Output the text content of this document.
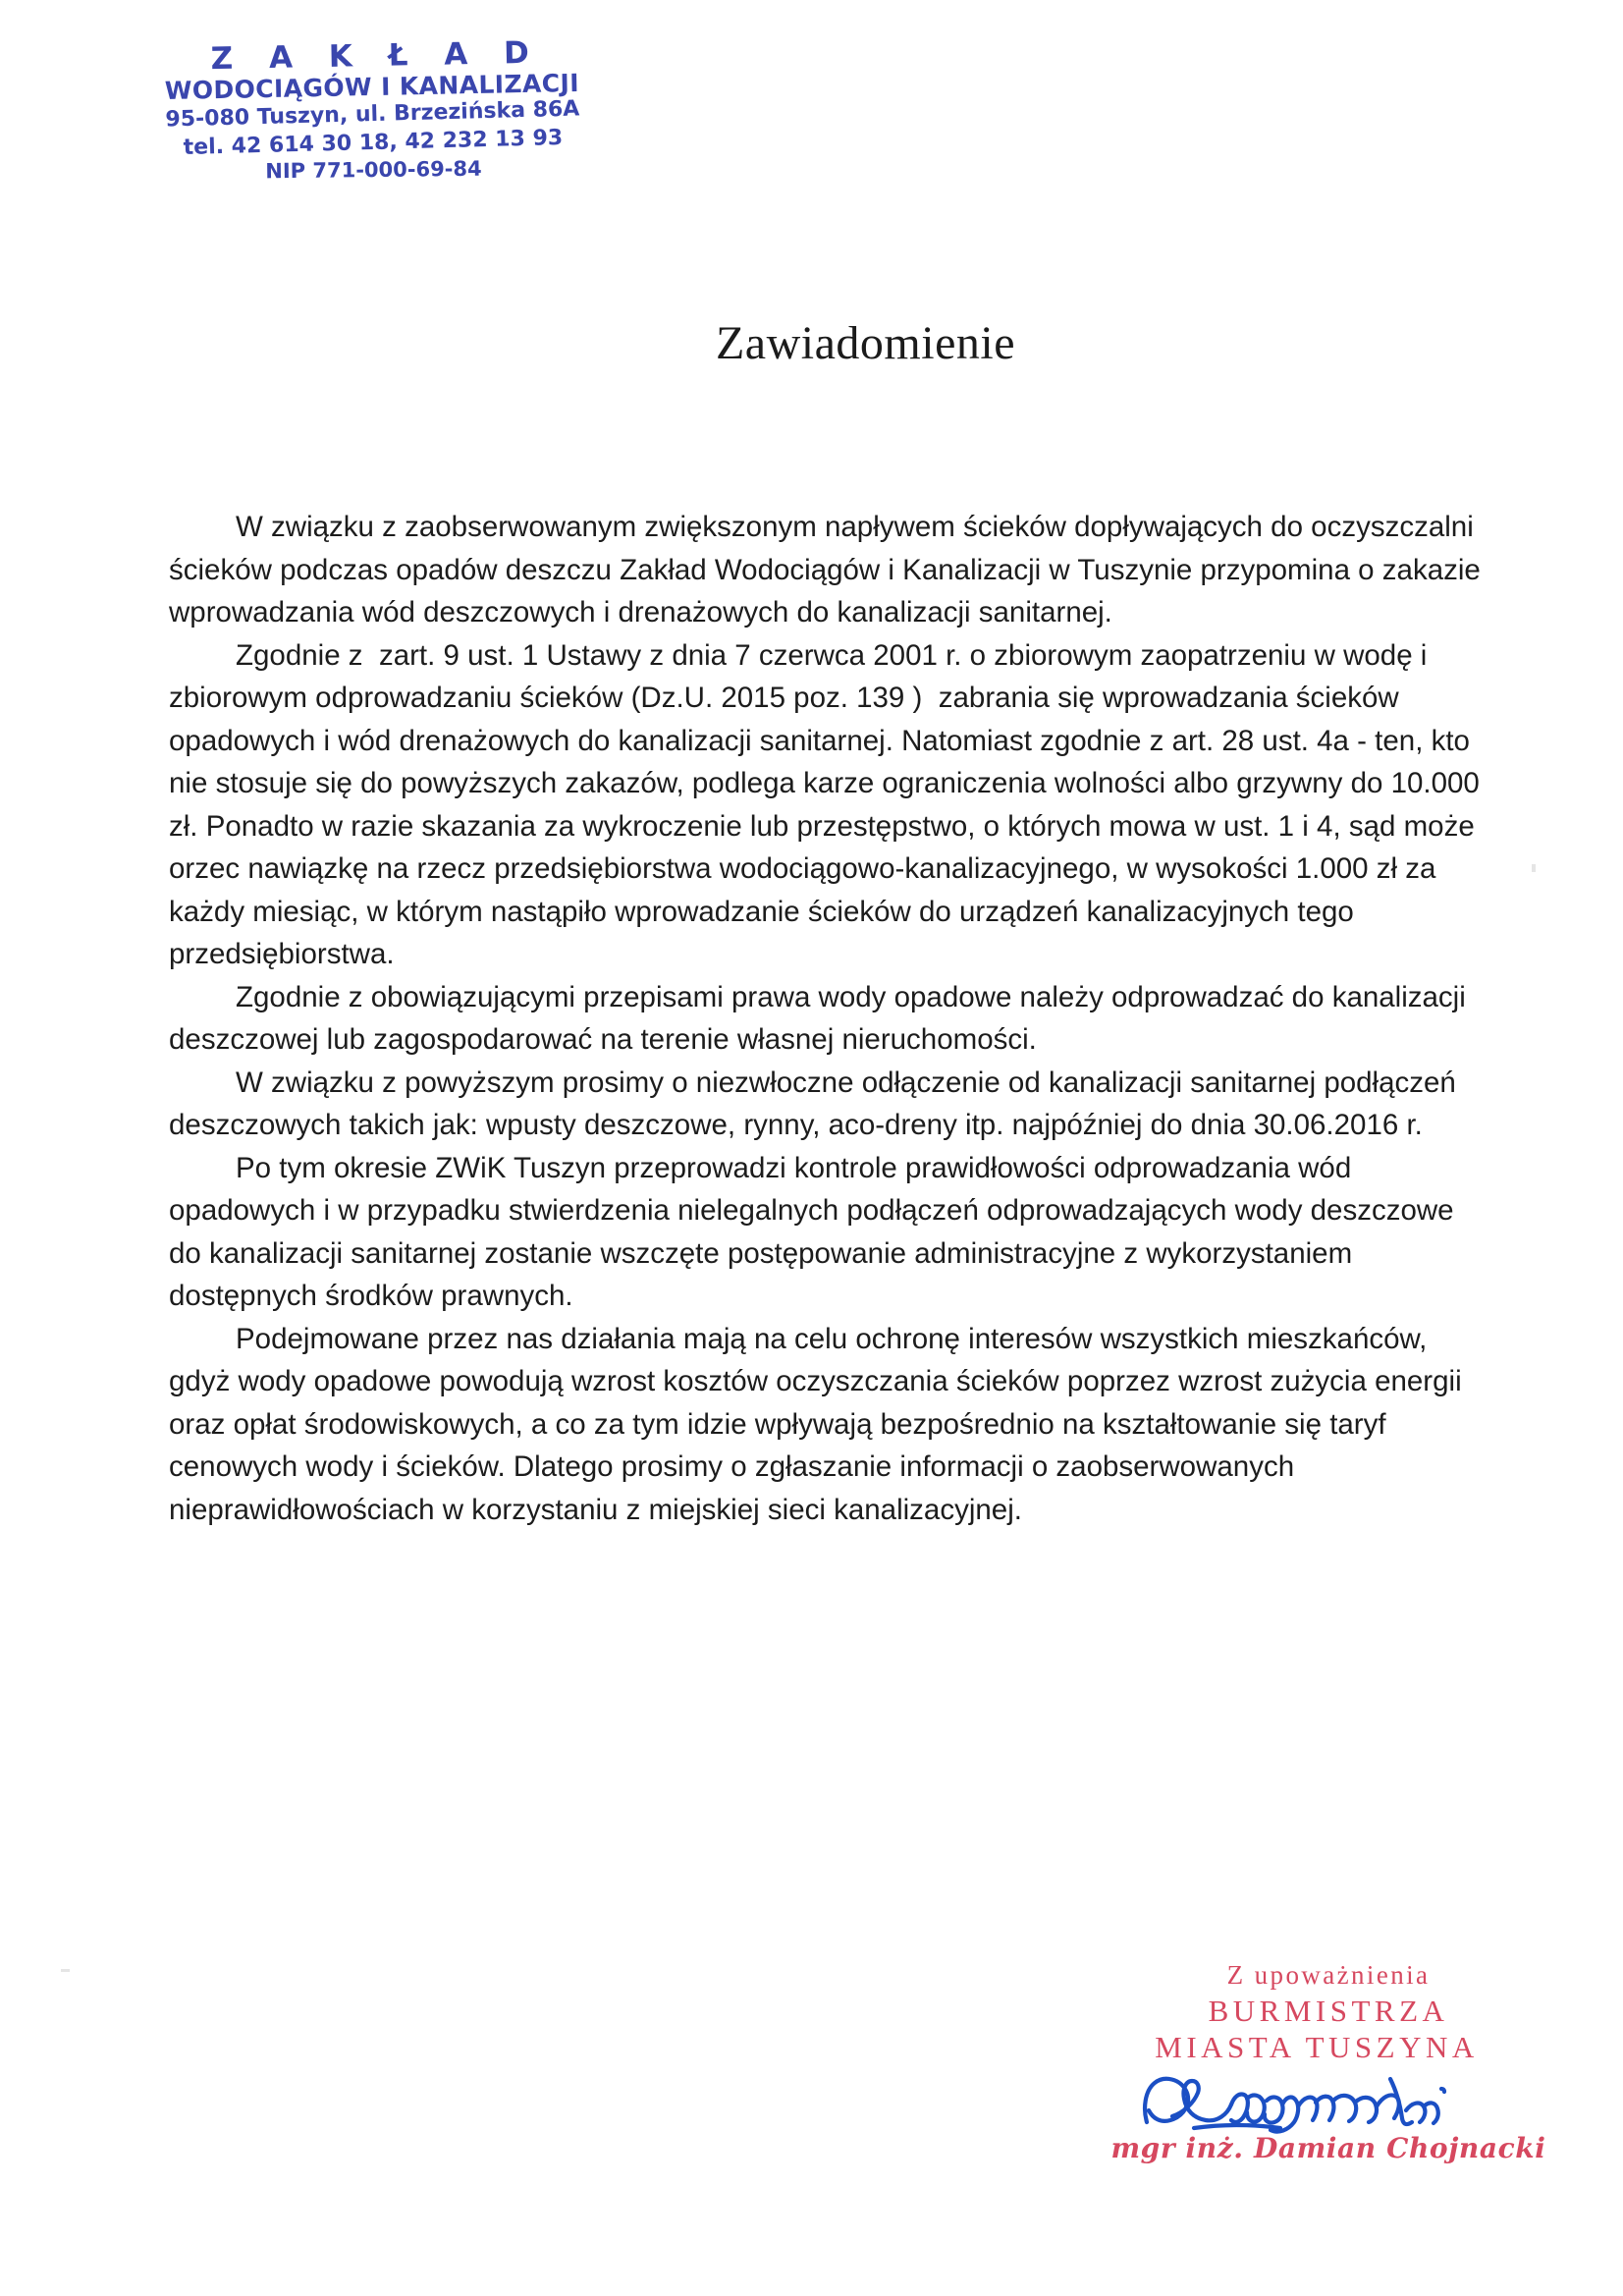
Z A K Ł A D
WODOCIĄGÓW I KANALIZACJI
95-080 Tuszyn, ul. Brzezińska 86A
tel. 42 614 30 18, 42 232 13 93
NIP 771-000-69-84
Zawiadomienie

W związku z zaobserwowanym zwiększonym napływem ścieków dopływających do oczyszczalni ścieków podczas opadów deszczu Zakład Wodociągów i Kanalizacji w Tuszynie przypomina o zakazie wprowadzania wód deszczowych i drenażowych do kanalizacji sanitarnej.

Zgodnie z  zart. 9 ust. 1 Ustawy z dnia 7 czerwca 2001 r. o zbiorowym zaopatrzeniu w wodę i zbiorowym odprowadzaniu ścieków (Dz.U. 2015 poz. 139 )  zabrania się wprowadzania ścieków opadowych i wód drenażowych do kanalizacji sanitarnej. Natomiast zgodnie z art. 28 ust. 4a - ten, kto nie stosuje się do powyższych zakazów, podlega karze ograniczenia wolności albo grzywny do 10.000 zł. Ponadto w razie skazania za wykroczenie lub przestępstwo, o których mowa w ust. 1 i 4, sąd może orzec nawiązkę na rzecz przedsiębiorstwa wodociągowo-kanalizacyjnego, w wysokości 1.000 zł za każdy miesiąc, w którym nastąpiło wprowadzanie ścieków do urządzeń kanalizacyjnych tego przedsiębiorstwa.

Zgodnie z obowiązującymi przepisami prawa wody opadowe należy odprowadzać do kanalizacji deszczowej lub zagospodarować na terenie własnej nieruchomości.

W związku z powyższym prosimy o niezwłoczne odłączenie od kanalizacji sanitarnej podłączeń deszczowych takich jak: wpusty deszczowe, rynny, aco-dreny itp. najpóźniej do dnia 30.06.2016 r.

Po tym okresie ZWiK Tuszyn przeprowadzi kontrole prawidłowości odprowadzania wód opadowych i w przypadku stwierdzenia nielegalnych podłączeń odprowadzających wody deszczowe do kanalizacji sanitarnej zostanie wszczęte postępowanie administracyjne z wykorzystaniem dostępnych środków prawnych.

Podejmowane przez nas działania mają na celu ochronę interesów wszystkich mieszkańców, gdyż wody opadowe powodują wzrost kosztów oczyszczania ścieków poprzez wzrost zużycia energii oraz opłat środowiskowych, a co za tym idzie wpływają bezpośrednio na kształtowanie się taryf cenowych wody i ścieków. Dlatego prosimy o zgłaszanie informacji o zaobserwowanych nieprawidłowościach w korzystaniu z miejskiej sieci kanalizacyjnej.

Z upoważnienia
BURMISTRZA
MIASTA TUSZYNA
mgr inż. Damian Chojnacki
